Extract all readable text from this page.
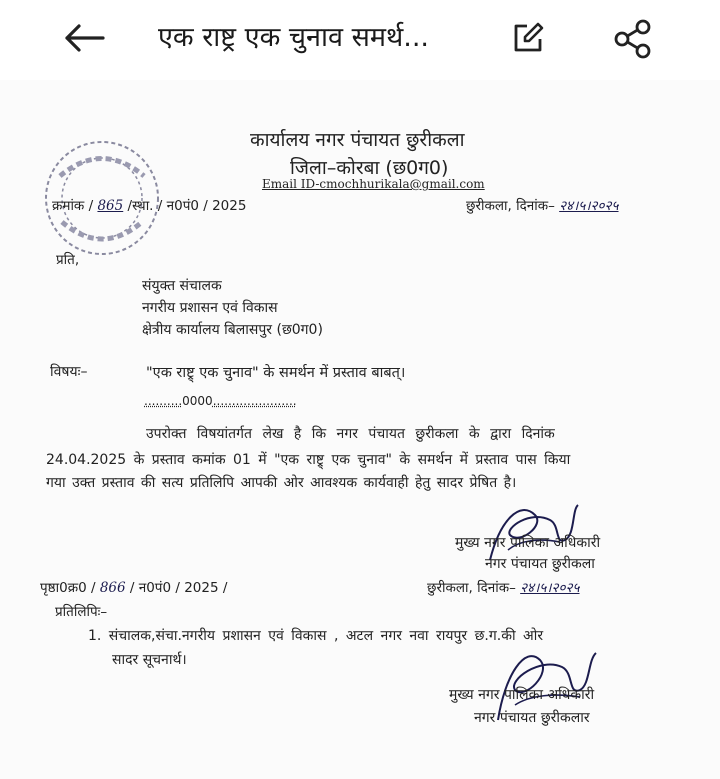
एक राष्ट्र एक चुनाव समर्थ...
कार्यालय नगर पंचायत छुरीकला
जिला–कोरबा (छ0ग0)
Email ID-cmochhurikala@gmail.com
क्रमांक / 865 /स्था. / न0पं0 / 2025	छुरीकला, दिनांक– २४।५।२०२५
प्रति,
संयुक्त संचालक
नगरीय प्रशासन एवं विकास
क्षेत्रीय कार्यालय बिलासपुर (छ0ग0)
विषयः–	"एक राष्ट्र् एक चुनाव" के समर्थन में प्रस्ताव बाबत्।
..........0000......................
उपरोक्त विषयांतर्गत लेख है कि नगर पंचायत छुरीकला के द्वारा दिनांक
24.04.2025 के प्रस्ताव कमांक 01 में "एक राष्ट्र् एक चुनाव" के समर्थन में प्रस्ताव पास किया
गया उक्त प्रस्ताव की सत्य प्रतिलिपि आपकी ओर आवश्यक कार्यवाही हेतु सादर प्रेषित है।
मुख्य नगर पालिका अधिकारी
नगर पंचायत छुरीकला
पृष्ठा0क्र0 / 866 / न0पं0 / 2025 /	छुरीकला, दिनांक– २४।५।२०२५
प्रतिलिपिः–
1. संचालक,संचा.नगरीय प्रशासन एवं विकास , अटल नगर नवा रायपुर छ.ग.की ओर
सादर सूचनार्थ।
मुख्य नगर पालिका अधिकारी
नगर पंचायत छुरीकलार
